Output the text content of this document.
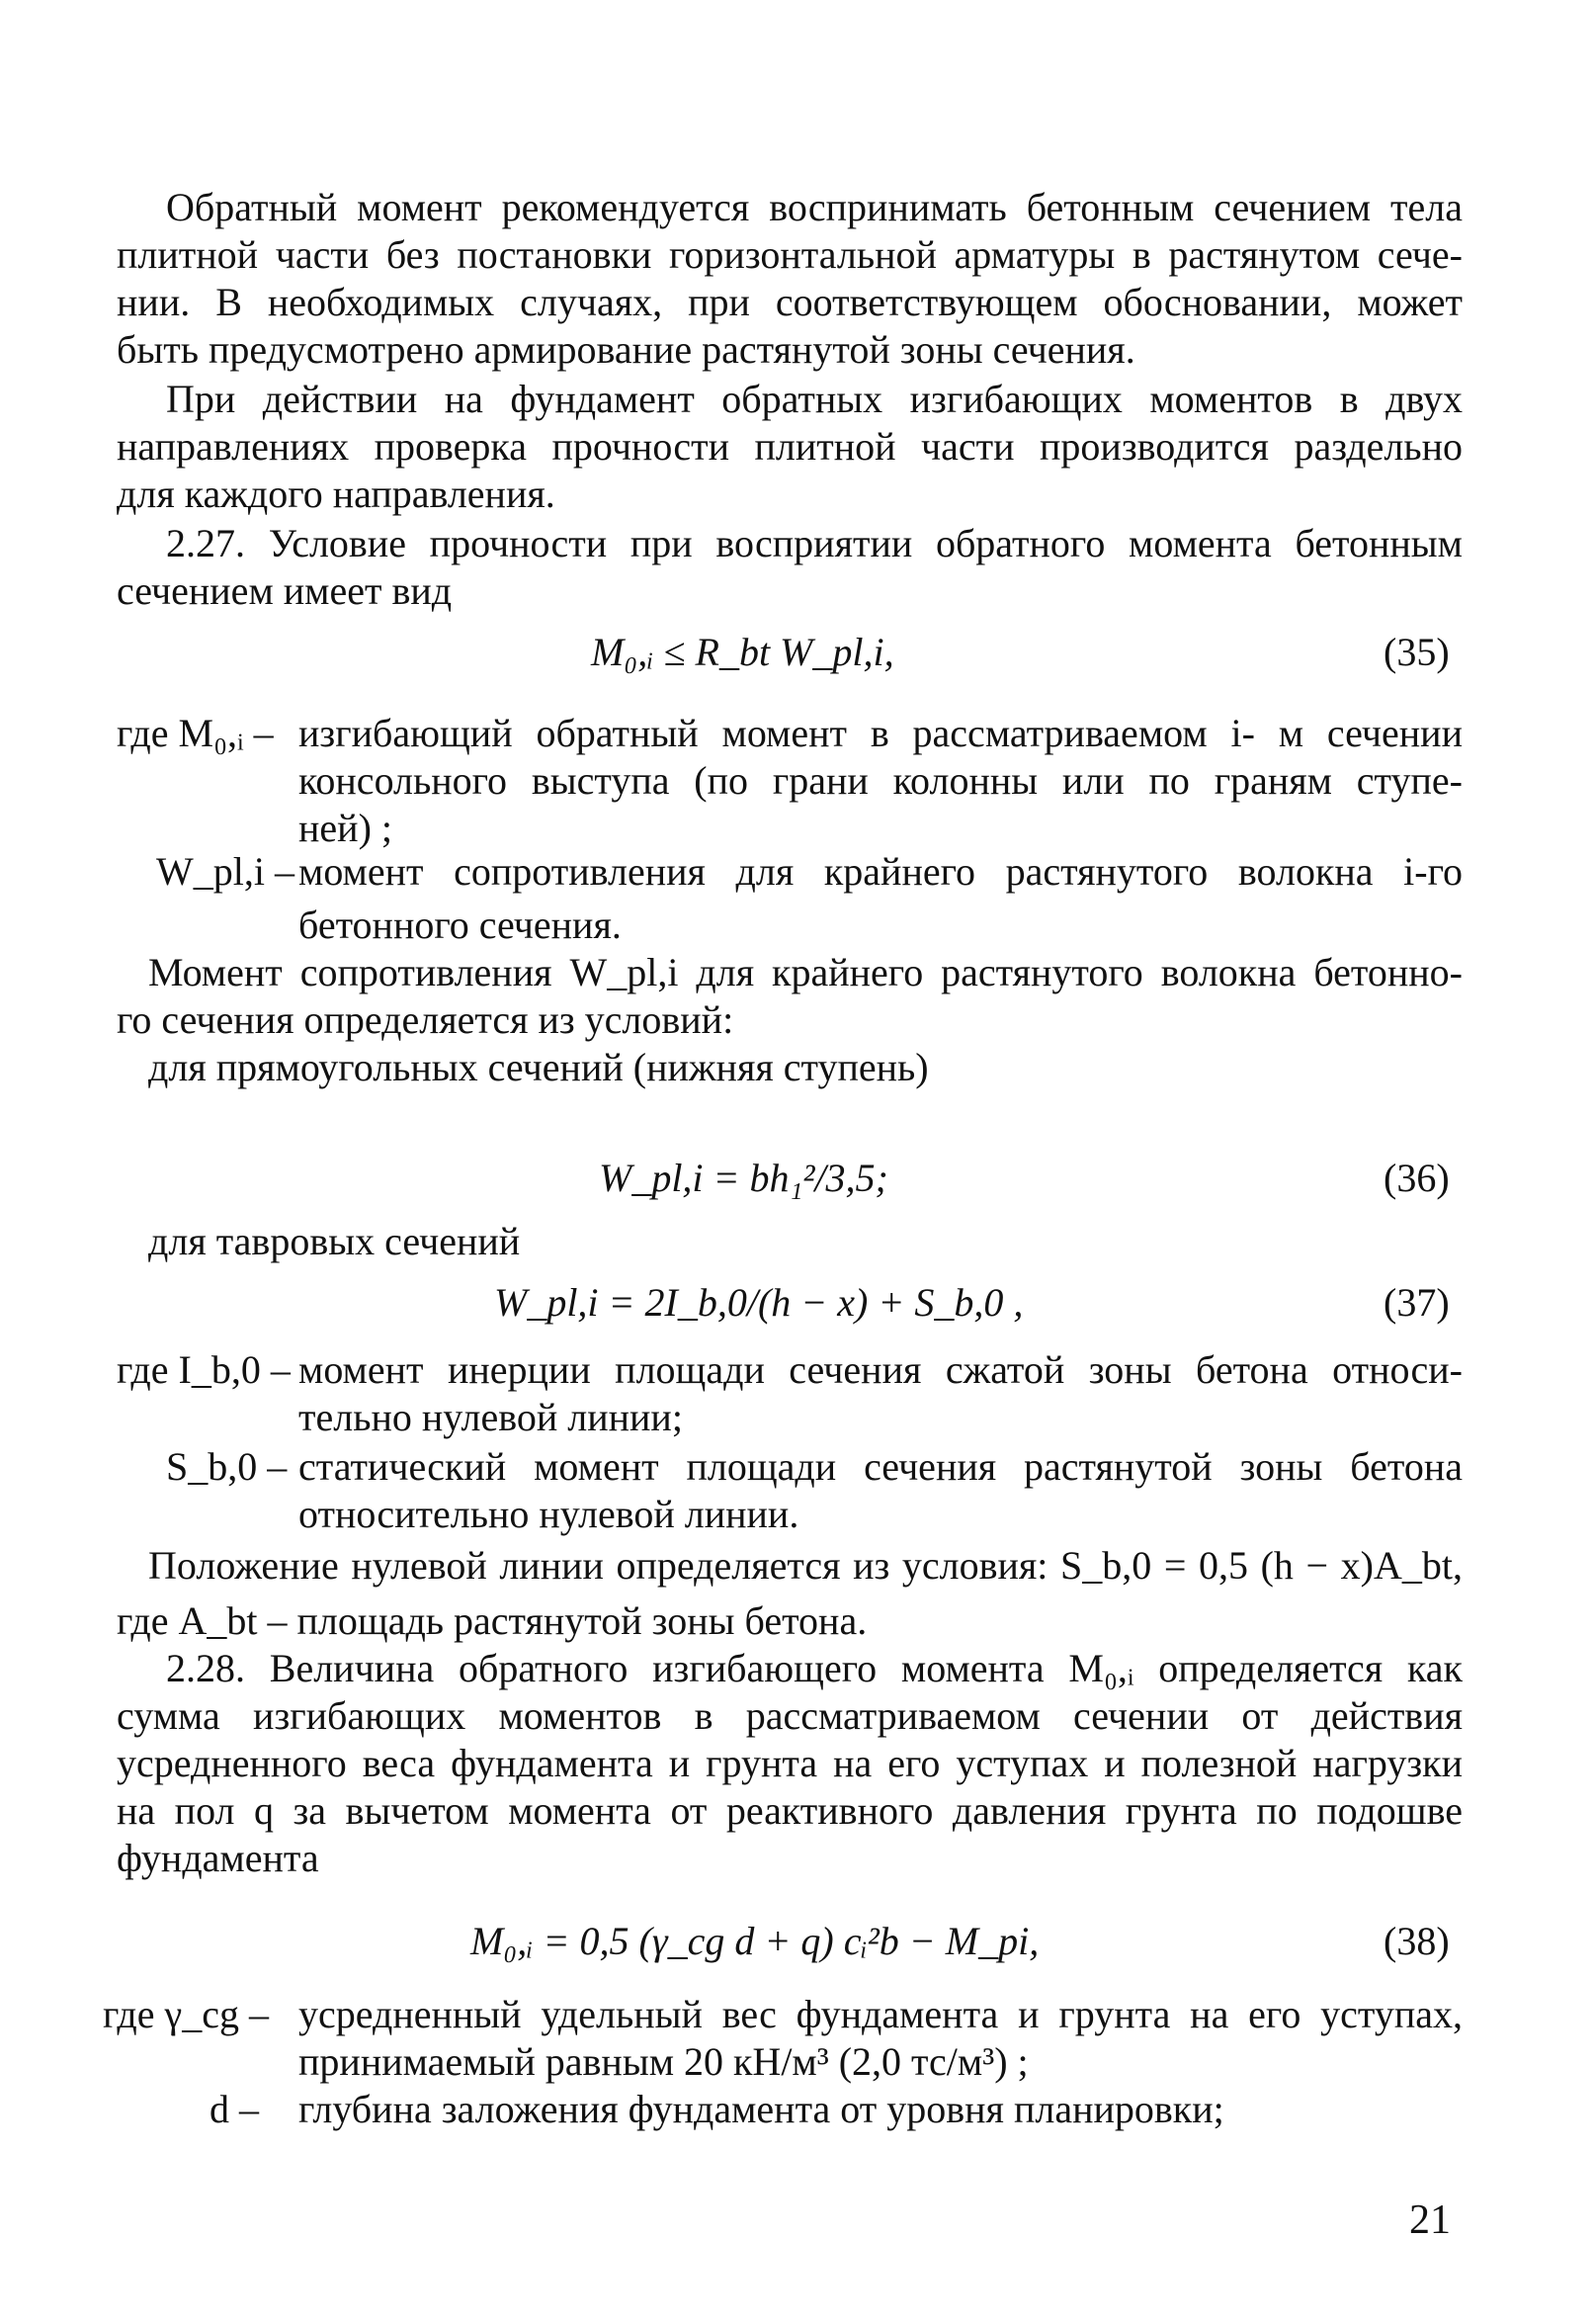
Обратный момент рекомендуется воспринимать бетонным сечением тела
плитной части без постановки горизонтальной арматуры в растянутом сече-
нии. В необходимых случаях, при соответствующем обосновании, может
быть предусмотрено армирование растянутой зоны сечения.
При действии на фундамент обратных изгибающих моментов в двух
направлениях проверка прочности плитной части производится раздельно
для каждого направления.
2.27. Условие прочности при восприятии обратного момента бетонным
сечением имеет вид
M₀,ᵢ ≤ R_bt W_pl,i,	(35)
где M₀,ᵢ – изгибающий обратный момент в рассматриваемом i- м сечении
консольного выступа (по грани колонны или по граням ступе-
ней) ;
W_pl,i – момент сопротивления для крайнего растянутого волокна i-го
бетонного сечения.
Момент сопротивления W_pl,i для крайнего растянутого волокна бетонно-
го сечения определяется из условий:
для прямоугольных сечений (нижняя ступень)
W_pl,i = bh₁²/3,5;	(36)
для тавровых сечений
W_pl,i = 2I_b,0/(h − x) + S_b,0 ,	(37)
где I_b,0 – момент инерции площади сечения сжатой зоны бетона относи-
тельно нулевой линии;
S_b,0 – статический момент площади сечения растянутой зоны бетона
относительно нулевой линии.
Положение нулевой линии определяется из условия: S_b,0 = 0,5 (h − x)A_bt,
где A_bt – площадь растянутой зоны бетона.
2.28. Величина обратного изгибающего момента M₀,ᵢ определяется как
сумма изгибающих моментов в рассматриваемом сечении от действия
усредненного веса фундамента и грунта на его уступах и полезной нагрузки
на пол q за вычетом момента от реактивного давления грунта по подошве
фундамента
M₀,ᵢ = 0,5 (γ_cg d + q) cᵢ²b − M_pi,	(38)
где γ_cg – усредненный удельный вес фундамента и грунта на его уступах,
принимаемый равным 20 кН/м³ (2,0 тс/м³) ;
d – глубина заложения фундамента от уровня планировки;
21
